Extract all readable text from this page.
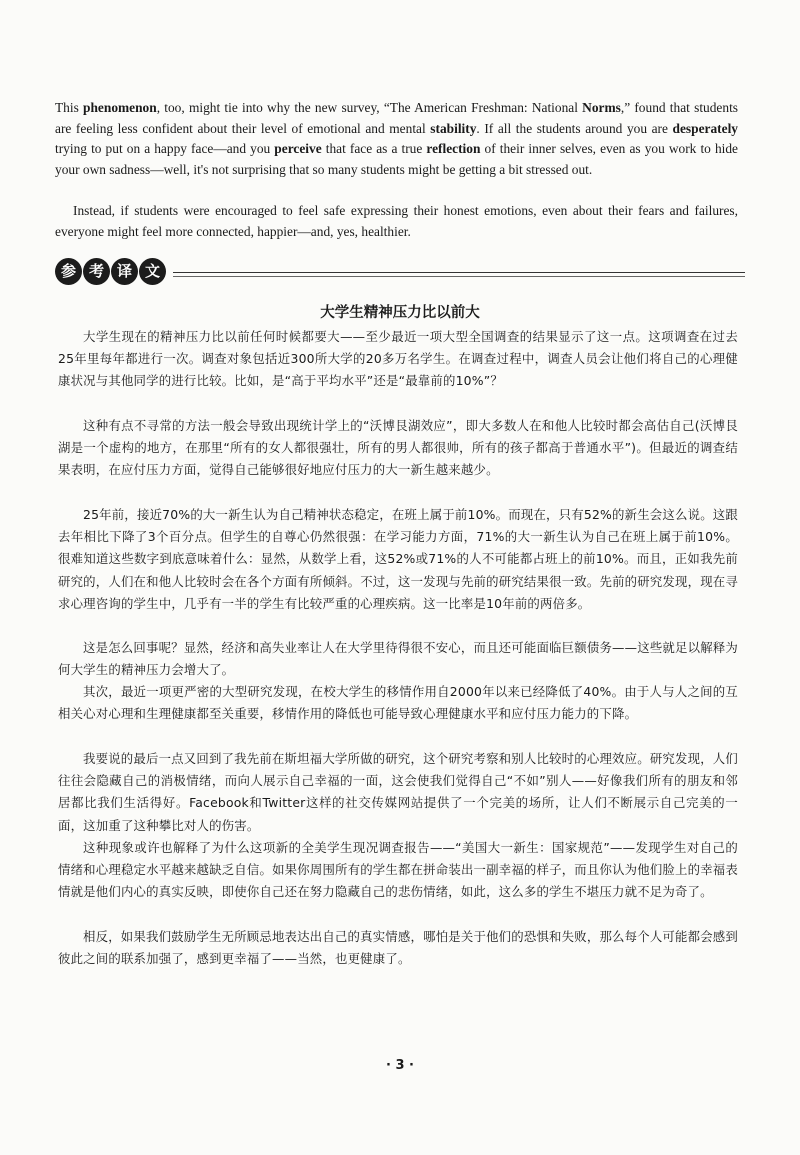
This phenomenon, too, might tie into why the new survey, “The American Freshman: National Norms,” found that students are feeling less confident about their level of emotional and mental stability. If all the students around you are desperately trying to put on a happy face—and you perceive that face as a true reflection of their inner selves, even as you work to hide your own sadness—well, it's not surprising that so many students might be getting a bit stressed out.

Instead, if students were encouraged to feel safe expressing their honest emotions, even about their fears and failures, everyone might feel more connected, happier—and, yes, healthier.

参 考 译 文
大学生精神压力比以前大

大学生现在的精神压力比以前任何时候都要大——至少最近一项大型全国调查的结果显示了这一点。这项调查在过去25年里每年都进行一次。调查对象包括近300所大学的20多万名学生。在调查过程中，调查人员会让他们将自己的心理健康状况与其他同学的进行比较。比如，是“高于平均水平”还是“最靠前的10%”？

这种有点不寻常的方法一般会导致出现统计学上的“沃博艮湖效应”，即大多数人在和他人比较时都会高估自己(沃博艮湖是一个虚构的地方，在那里“所有的女人都很强壮，所有的男人都很帅，所有的孩子都高于普通水平”)。但最近的调查结果表明，在应付压力方面，觉得自己能够很好地应付压力的大一新生越来越少。

25年前，接近70%的大一新生认为自己精神状态稳定，在班上属于前10%。而现在，只有52%的新生会这么说。这跟去年相比下降了3个百分点。但学生的自尊心仍然很强：在学习能力方面，71%的大一新生认为自己在班上属于前10%。很难知道这些数字到底意味着什么：显然，从数学上看，这52%或71%的人不可能都占班上的前10%。而且，正如我先前研究的，人们在和他人比较时会在各个方面有所倾斜。不过，这一发现与先前的研究结果很一致。先前的研究发现，现在寻求心理咨询的学生中，几乎有一半的学生有比较严重的心理疾病。这一比率是10年前的两倍多。

这是怎么回事呢？显然，经济和高失业率让人在大学里待得很不安心，而且还可能面临巨额债务——这些就足以解释为何大学生的精神压力会增大了。

其次，最近一项更严密的大型研究发现，在校大学生的移情作用自2000年以来已经降低了40%。由于人与人之间的互相关心对心理和生理健康都至关重要，移情作用的降低也可能导致心理健康水平和应付压力能力的下降。

我要说的最后一点又回到了我先前在斯坦福大学所做的研究，这个研究考察和别人比较时的心理效应。研究发现，人们往往会隐藏自己的消极情绪，而向人展示自己幸福的一面，这会使我们觉得自己“不如”别人——好像我们所有的朋友和邻居都比我们生活得好。Facebook和Twitter这样的社交传媒网站提供了一个完美的场所，让人们不断展示自己完美的一面，这加重了这种攀比对人的伤害。

这种现象或许也解释了为什么这项新的全美学生现况调查报告——“美国大一新生：国家规范”——发现学生对自己的情绪和心理稳定水平越来越缺乏自信。如果你周围所有的学生都在拼命装出一副幸福的样子，而且你认为他们脸上的幸福表情就是他们内心的真实反映，即使你自己还在努力隐藏自己的悲伤情绪，如此，这么多的学生不堪压力就不足为奇了。

相反，如果我们鼓励学生无所顾忌地表达出自己的真实情感，哪怕是关于他们的恐惧和失败，那么每个人可能都会感到彼此之间的联系加强了，感到更幸福了——当然，也更健康了。

· 3 ·
